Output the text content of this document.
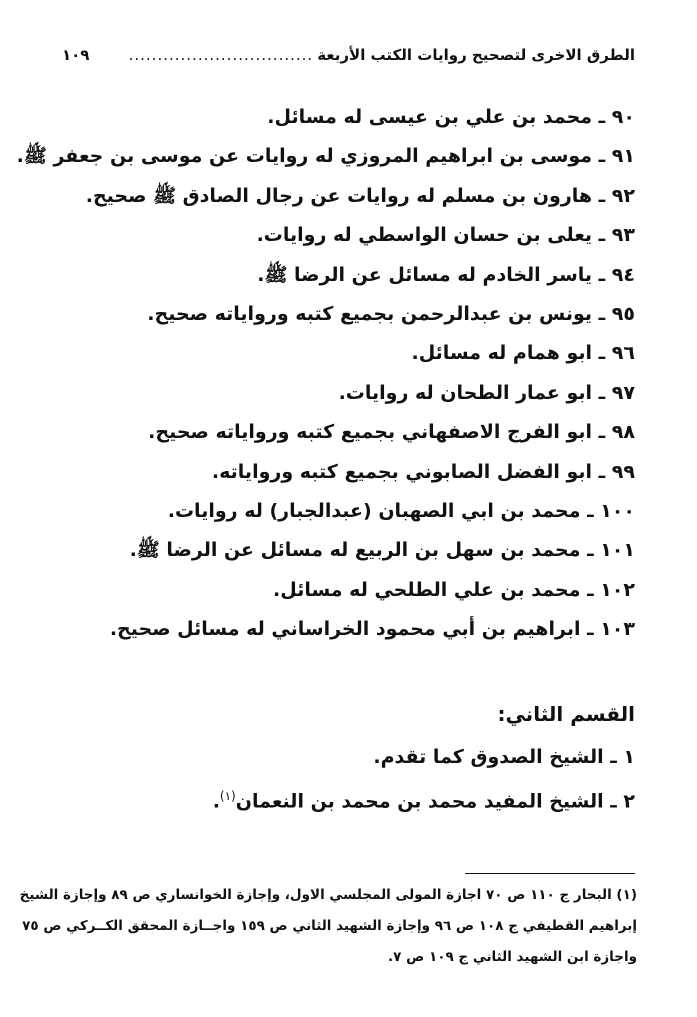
الطرق الاخرى لتصحيح روايات الكتب الأربعة
................................
١٠٩
٩٠ ـ محمد بن علي بن عيسى له مسائل.
٩١ ـ موسى بن ابراهيم المروزي له روايات عن موسى بن جعفر ﷺ.
٩٢ ـ هارون بن مسلم له روايات عن رجال الصادق ﷺ صحيح.
٩٣ ـ يعلى بن حسان الواسطي له روايات.
٩٤ ـ ياسر الخادم له مسائل عن الرضا ﷺ.
٩٥ ـ يونس بن عبدالرحمن بجميع كتبه ورواياته صحيح.
٩٦ ـ ابو همام له مسائل.
٩٧ ـ ابو عمار الطحان له روايات.
٩٨ ـ ابو الفرج الاصفهاني بجميع كتبه ورواياته صحيح.
٩٩ ـ ابو الفضل الصابوني بجميع كتبه ورواياته.
١٠٠ ـ محمد بن ابي الصهبان (عبدالجبار) له روايات.
١٠١ ـ محمد بن سهل بن الربيع له مسائل عن الرضا ﷺ.
١٠٢ ـ محمد بن علي الطلحي له مسائل.
١٠٣ ـ ابراهيم بن أبي محمود الخراساني له مسائل صحيح.
القسم الثاني:
١ ـ الشيخ الصدوق كما تقدم.
٢ ـ الشيخ المفيد محمد بن محمد بن النعمان$^{(١)}$.

(١) البحار ج ١١٠ ص ٧٠ اجازة المولى المجلسي الاول، وإجازة الخوانساري ص ٨٩ وإجازة الشيخ

إبراهيم القطيفي ج ١٠٨ ص ٩٦ وإجازة الشهيد الثاني ص ١٥٩ واجــازة المحقق الكــركي ص ٧٥

واجازة ابن الشهيد الثاني ج ١٠٩ ص ٧.
